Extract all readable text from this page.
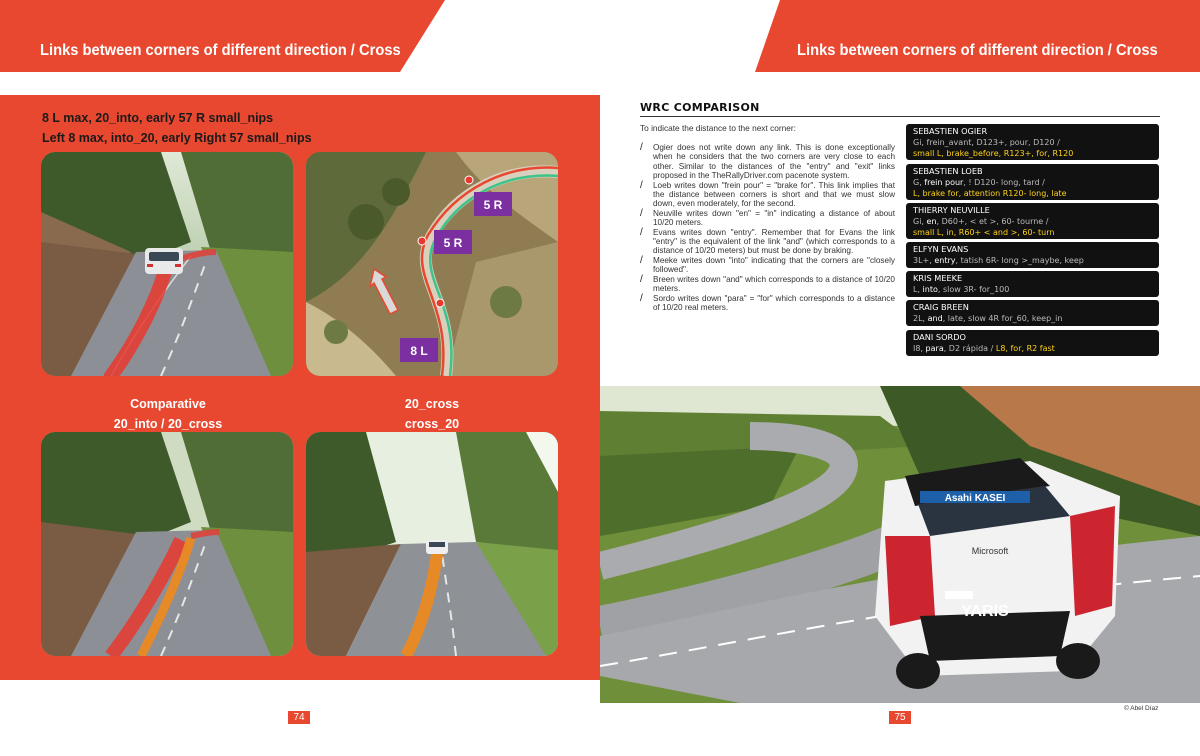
Links between corners of different direction / Cross	Links between corners of different direction / Cross
8 L max, 20_into, early 57 R small_nips
Left 8 max, into_20, early Right 57 small_nips
5 R
5 R
8 L
Comparative
20_into / 20_cross
20_cross
cross_20
74
WRC COMPARISON
To indicate the distance to the next corner:
/ Ogier does not write down any link. This is done exceptionally when he considers that the two corners are very close to each other. Similar to the distances of the "entry" and "exit" links proposed in the TheRallyDriver.com pacenote system.
/ Loeb writes down "frein pour" = "brake for". This link implies that the distance between corners is short and that we must slow down, even moderately, for the second.
/ Neuville writes down "en" = "in" indicating a distance of about 10/20 meters.
/ Evans writes down "entry". Remember that for Evans the link "entry" is the equivalent of the link "and" (which corresponds to a distance of 10/20 meters) but must be done by braking.
/ Meeke writes down "into" indicating that the corners are "closely followed".
/ Breen writes down "and" which corresponds to a distance of 10/20 meters.
/ Sordo writes down "para" = "for" which corresponds to a distance of 10/20 real meters.
SEBASTIEN OGIER
Gi, frein_avant, D123+, pour, D120 /
small L, brake_before, R123+, for, R120
SEBASTIEN LOEB
G, frein pour, ! D120- long, tard /
L, brake for, attention R120- long, late
THIERRY NEUVILLE
Gi, en, D60+, < et >, 60- tourne /
small L, in, R60+ < and >, 60- turn
ELFYN EVANS
3L+, entry, tatish 6R- long >_maybe, keep
KRIS MEEKE
L, into, slow 3R- for_100
CRAIG BREEN
2L, and, late, slow 4R for_60, keep_in
DANI SORDO
I8, para, D2 rápida / L8, for, R2 fast
Asahi KASEI
Microsoft
YARIS
© Abel Díaz
75
